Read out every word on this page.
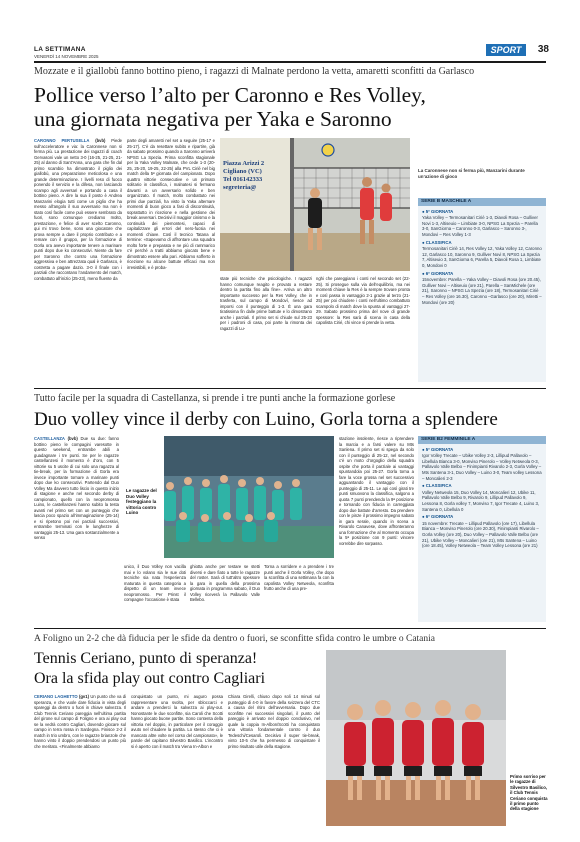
LA SETTIMANA
VENERDÌ 14 NOVEMBRE 2025
SPORT	38
Mozzate e il giallobù fanno bottino pieno, i ragazzi di Malnate perdono la vetta, amaretti sconfitti da Garlasco
Pollice verso l’alto per Caronno e Res Volley,
una giornata negativa per Yaka e Saronno
CARONNO PERTUSELLA (bvb) Piede sull’acceleratore e via: la Caronnese non si ferma più. La prestazione dei ragazzi di coach Gervasoni vale un netto 3-0 (16-25, 21-25, 21-25) al danno di Sant’Anna, una gara che fin dal primo scambio ha dimostrato il piglio dei giallobù, una preparazione meticolosa e una grande determinazione. I livelli reso di fuoco ponendo il servizio e la difesa, non lasciando scampo agli avversari e portando a casa il bottino pieno. A dire la sua il posto è Andrea Manzarini elogia tutti come un piglio che ha messo all’angolo il suo avversario ma non è stato così facile come può essere sembrato da fuori, sono comunque crediamo molto, prestazione, e felice di aver scelto Caronno, qui mi trovo bene, sono una giocatore che prova sempre a dare il proprio contributo e a remare con il gruppo, per la formazione di Gorla ora avevo importante tenere a marinare punti dopo due ko consecutivi. Niente da fare per Saronno che contro una formazione aggressiva e ben attrezzata qual è Garlasco, è costretta a pagare dazio. 3-0 il finale con i parziali che raccontano l’andamento del match, combattuto all’inizio (25-23), meno fluente da
parte degli amaretti nel set a seguire (25-17 e 25-17). C’è da resettare subito e ripartire, già da sabato prossimo quando a Saronno arriverà NPSG La Spezia. Prima sconfitta stagionale per la Yaka Volley Malnate, che cede 1-3 (20-25, 25-20, 19-25, 22-25) alla PVL Cirié nel big match della 5ª giornata del campionato. Dopo quattro vittorie consecutive e un primato solitario in classifica, i malnatesi si fermano davanti a un avversario solido e ben organizzato. Il match, molto combattuto nei primi due parziali, ha visto la Yaka alternare momenti di buon gioco a fasi di discontinuità, soprattutto in ricezione e nella gestione dei break avversari. Decisivi il maggior cinismo e la continuità dei piemontesi, capaci di capitalizzare gli errori del nero-fucsia nei momenti chiave. Così il tecnico Tatana al termine: «Sapevamo di affrontare una squadra molto forte e preparata e ne più di rammarico c’è perché a tratti abbiamo giocato bene e dimostrato essere alla pari. Abbiamo sofferto in ricezione su alcune battute efficaci ma non irresistibili, e è proba-
Piazza Arizzi 2
Cigliano (VC)
Tel 016142333
segreteria@
state più tecniche che psicologiche. I ragazzi hanno comunque reagito e provato a restare dentro la partita fino alla fine». Arriva un altro importante successo per la Res Volley, che in trasferta, sul campo di Mondovì, riesce ad imporsi con il punteggio di 1-3. È una gara tiratissima fin dalle prime battute e lo dimostrano anche i parziali. Il primo set si chiude sul 25-23 per i padroni di casa, poi parte la rimonta dei ragazzi di Lu-
nghi che pareggiano i conti nel secondo set (22-25). Si prosegue sulla via dell’equilibrio, ma nei momenti chiave la Res è la sempre trovare pronta e così passa in vantaggio 2-1 grazie al terzo (21-25) per poi chiudere i conti nell’ultimo combattuto scampolo di match dove la spunta al vantaggi 27-29. Sabato prossimo prima del nove di grande spessore: la Res sarà di scena in casa della capolista Cirié, chi vince si prende la vetta.
La Caronnese non si ferma più, Manzarini durante un’azione di gioco
SERIE B MASCHILE A
● 5ª GIORNATA
Yaka Volley – Termosanitari Ciriè 1-3, Diavoli Rosa – Gulliver Novi 1-3, Altiseuio – Limbiate 3-0, NPSG La Spezia – Parella 3-0, SanGiorna – Caronno 0-3, Garlasco – Saronno 3-, Mondovi – Res Volley 1-3
● CLASSIFICA
Termosanitari Ciriè 14, Res Volley 12, Yaka Volley 12, Caronno 12, Garlasco 10, Saronno 9, Gulliver Novi 8, NPSG La Spezia 7, Altiseuio 3, SanGiorna 6, Parella 5, Diavoli Rosa 1, Limbiate 0, Mondovi 0
● 6ª GIORNATA
15novembre: Parella – Yaka Volley – Diavoli Rosa (ore 20.45), Gulliver Novi – Altiseuio (ore 21), Parella – SanMichele (ore 21), Saronno – NPSG La Spezia (ore 18), Termosanitari Ciriè – Res Volley (ore 16.30), Caronno –Garlasco (ore 20), Miretti – Mondovi (ore 20)
Tutto facile per la squadra di Castellanza, si prende i tre punti anche la formazione gorlese
Duo volley vince il derby con Luino, Gorla torna a splendere
CASTELLANZA (bvb) Due su due: fanno bottino pieno le compagini varesotte in questo weekend, entrambe abili a guadagnare i tre punti. Se per le ragazze castellanzesi il momento è d’oro, con 5 vittorie su 5 uscite di cui solo una ragazza al tie-break, per la formazione di Gorla era invece importante tornare a marinare punti dopo due ko consecutivi. Partendo dal Duo Volley Ma davvero tutto liscio in questo inizio di stagione e anche nel secondo derby di campionato, quello con la neopromossa Luino, le castellanzesi hanno subito la testa avanti nel primo set con un punteggio che lascia poco spazio all’immaginazione (25-14) e si ripetono poi nei parziali successivi, entrambe terminati con le lunghezze di vantaggio 25-13. Una gara sostanzialmente a senso
Le ragazze del Duo Volley festeggiano la vittoria contro Luino
unico, il Duo Volley non vacilla mai e lo volano sia le sue doti tecniche sia nata l’esperienza maturata in questa categoria a dispetto di un team invece neopromosso. Per Prinst il compagne l’occasione è stata
ghiotta anche per testare se stetti diversi e dare fiato a tutte le ragazze del roster. Sarà di tutt’altro spessore la gara in quella della prossima giornata in programma sabato, il Duo Volley riceverà la Pallavolo Valle Bellebo.
Torna a sorridere e a prendere i tre punti anche il Gorla Volley, che dopo la sconfitta di una settimana fa con la capolista Volley Netweola, sconfitta frutto anche di una pre-
stazione insolente, riesce a riprendere la marcia e a farsi valere su Mts Sanlena. Il primo set si spega da solo con il punteggio di 25-12, nel secondo c’è un moto d’orgoglio della squadra ospite che porta il parziale ai vantaggi spuntandola poi 25-27. Gorla torna a fare la voce grossa nel set successivo agguantando il vantaggio con il punteggio di 25-11. Le api così girati tre punti smuovono la classifica, salgono a quota 7 punti prendendo la 9ª posizione e tornando con fiducia in carreggiata dopo due battute d’arresto. Da prendere con le pinze il prossimo impegno sabato in gara serale, quando in scena a Rivarolo Canavese, dove affronteranno una formazione che al momento occupa la 5ª posizione con 9 punti: vincere vorrebbe dire sorpasso.
SERIE B2 FEMMINILE A
● 5ª GIORNATA
Igor Volley Trecate – Ubike Volley 2-3, Lillipud Pallavolo – Libellula Bianca 3-0, Monviso Pinerolo – Volley Netweola 0-3, Pallavolo Valle Belbo – Finimpianti Rivarolo 2-3, Gorla Volley – Mts Santena 3-1, Duo Volley – Luino 3-0, Team volley Lessona – Moncalieri 2-3
● CLASSIFICA
Volley Netweola 15, Duo Volley 14, Moncalieri 12, Ubike 11, Pallavolo Valle Belbo 9, Rivarolo 9, Lillipud Pallavolo 9, Lessona 8, Gorla volley 7, Monviso 7, Igor Trecate 4, Luino 3, Santena 0, Libellula 0
● 6ª GIORNATA
15 novembre: Trecate – Lillipud Pallavolo (ore 17), Libellula Bianca – Monviso Pinerolo (ore 20.30), Finimpianti Rivarolo – Gorla Volley (ore 20), Duo Volley – Pallavolo Valle Belbo (ore 21), Ubike Volley – Moncalieri (ore 21), Mts Santena – Luino (ore 18.45), Volley Netweola – Team Volley Lessona (ore 21)
A Foligno un 2-2 che dà fiducia per le sfide da dentro o fuori, se sconfitte sfida contro le umbre o Catania
Tennis Ceriano, punto di speranza!
Ora la sfida play out contro Cagliari
CERIANO LAGHETTO (gv1) Un punto che va di speranza, e che vuole dare fiducia in vista degli spareggi da dentro o fuori in chiave salvezza. Il Club Tennis Ceriano pareggia nell’ultima partita del girone sul campo di Foligno e ora ai play out se la vedrà contro Cagliari, dovendo giocare sul campo in terra rossa in Sardegna. Finisce 2-2 il match in trio umbro, con le ragazze brianzole che hanno vinto il doppio prendendosi un punto più che meritato. «Finalmente abbiamo
conquistato un punto, mi auguro possa rappresentare una svolta, per sbloccarci e andare a prenderci la salvezza ai play-out. Nonostante le due sconfitte, sia Caroli che Scotti hanno giocato buone partite. Sono contenta della vittoria nel doppio, in particolare per il coraggio avuto nel chiudere la partita. Lo stesso che ci è mancato altre volte nel corso del campionato», le parole del capitano Silvestro Basilico. L’incontro si è aperto con il match tra Viena In-Albon e
Chiara Girelli, chiuso dopo soli 14 minuti sul punteggio di 4-0 in favore della svizzera del CTC a causa del ritiro dell’avversaria. Dopo due sconfitte nei successivi singolari, il punto del pareggio è arrivato nel doppio conclusivo, nel quale la coppia In-Albon/Scotti ha conquistato una vittoria fondamentale contro il duo Tedeschi/Cesaroli. Decisivo il super tie-break, vinto 10-5 che ha permesso di conquistare il primo risultato utile della stagione.
Primo sorriso per le ragazze di Silvestro Basilico, il Club Tennis Ceriano conquista il primo punto della stagione
